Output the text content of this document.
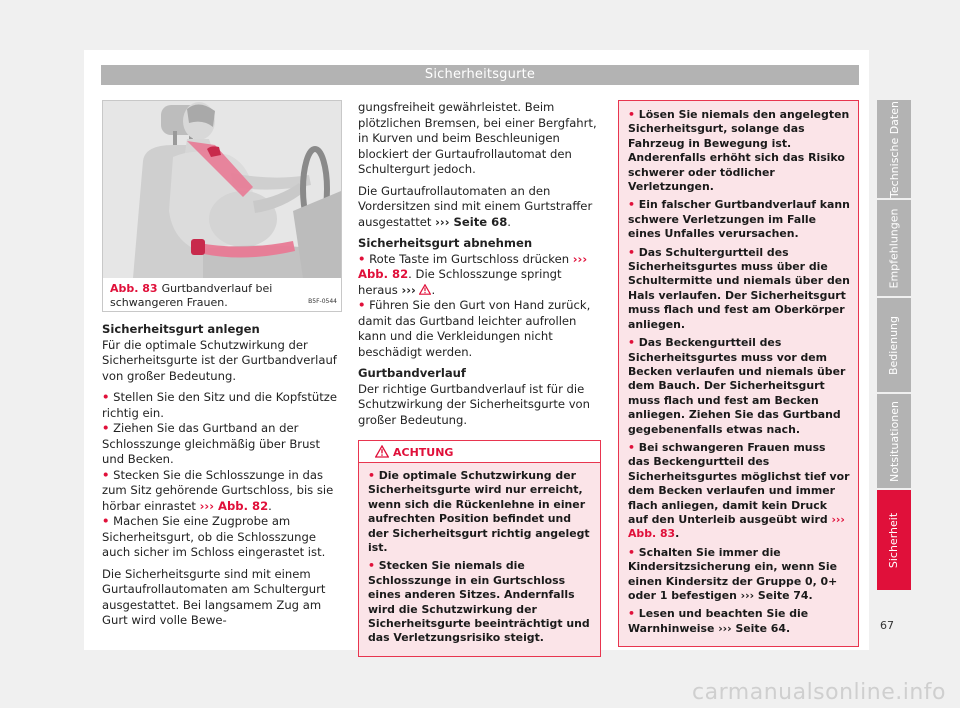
Sicherheitsgurte
B5F-0544
Abb. 83 Gurtbandverlauf bei schwangeren Frauen.

Sicherheitsgurt anlegen

Für die optimale Schutzwirkung der Sicherheitsgurte ist der Gurtbandverlauf von großer Bedeutung.

• Stellen Sie den Sitz und die Kopfstütze richtig ein.

• Ziehen Sie das Gurtband an der Schlosszunge gleichmäßig über Brust und Becken.

• Stecken Sie die Schlosszunge in das zum Sitz gehörende Gurtschloss, bis sie hörbar einrastet ››› Abb. 82.

• Machen Sie eine Zugprobe am Sicherheitsgurt, ob die Schlosszunge auch sicher im Schloss eingerastet ist.

Die Sicherheitsgurte sind mit einem Gurtaufrollautomaten am Schultergurt ausgestattet. Bei langsamem Zug am Gurt wird volle Bewe-

gungsfreiheit gewährleistet. Beim plötzlichen Bremsen, bei einer Bergfahrt, in Kurven und beim Beschleunigen blockiert der Gurtaufrollautomat den Schultergurt jedoch.

Die Gurtaufrollautomaten an den Vordersitzen sind mit einem Gurtstraffer ausgestattet ››› Seite 68.

Sicherheitsgurt abnehmen

• Rote Taste im Gurtschloss drücken ››› Abb. 82. Die Schlosszunge springt heraus ››› .

• Führen Sie den Gurt von Hand zurück, damit das Gurtband leichter aufrollen kann und die Verkleidungen nicht beschädigt werden.

Gurtbandverlauf

Der richtige Gurtbandverlauf ist für die Schutzwirkung der Sicherheitsgurte von großer Bedeutung.

ACHTUNG
• Die optimale Schutzwirkung der Sicherheitsgurte wird nur erreicht, wenn sich die Rückenlehne in einer aufrechten Position befindet und der Sicherheitsgurt richtig angelegt ist.
• Stecken Sie niemals die Schlosszunge in ein Gurtschloss eines anderen Sitzes. Andernfalls wird die Schutzwirkung der Sicherheitsgurte beeinträchtigt und das Verletzungsrisiko steigt.
• Lösen Sie niemals den angelegten Sicherheitsgurt, solange das Fahrzeug in Bewegung ist. Anderenfalls erhöht sich das Risiko schwerer oder tödlicher Verletzungen.
• Ein falscher Gurtbandverlauf kann schwere Verletzungen im Falle eines Unfalles verursachen.
• Das Schultergurtteil des Sicherheitsgurtes muss über die Schultermitte und niemals über den Hals verlaufen. Der Sicherheitsgurt muss flach und fest am Oberkörper anliegen.
• Das Beckengurtteil des Sicherheitsgurtes muss vor dem Becken verlaufen und niemals über dem Bauch. Der Sicherheitsgurt muss flach und fest am Becken anliegen. Ziehen Sie das Gurtband gegebenenfalls etwas nach.
• Bei schwangeren Frauen muss das Beckengurtteil des Sicherheitsgurtes möglichst tief vor dem Becken verlaufen und immer flach anliegen, damit kein Druck auf den Unterleib ausgeübt wird ››› Abb. 83.
• Schalten Sie immer die Kindersitzsicherung ein, wenn Sie einen Kindersitz der Gruppe 0, 0+ oder 1 befestigen ››› Seite 74.
• Lesen und beachten Sie die Warnhinweise ››› Seite 64.
Technische Daten
Empfehlungen
Bedienung
Notsituationen
Sicherheit
67
carmanualsonline.info
